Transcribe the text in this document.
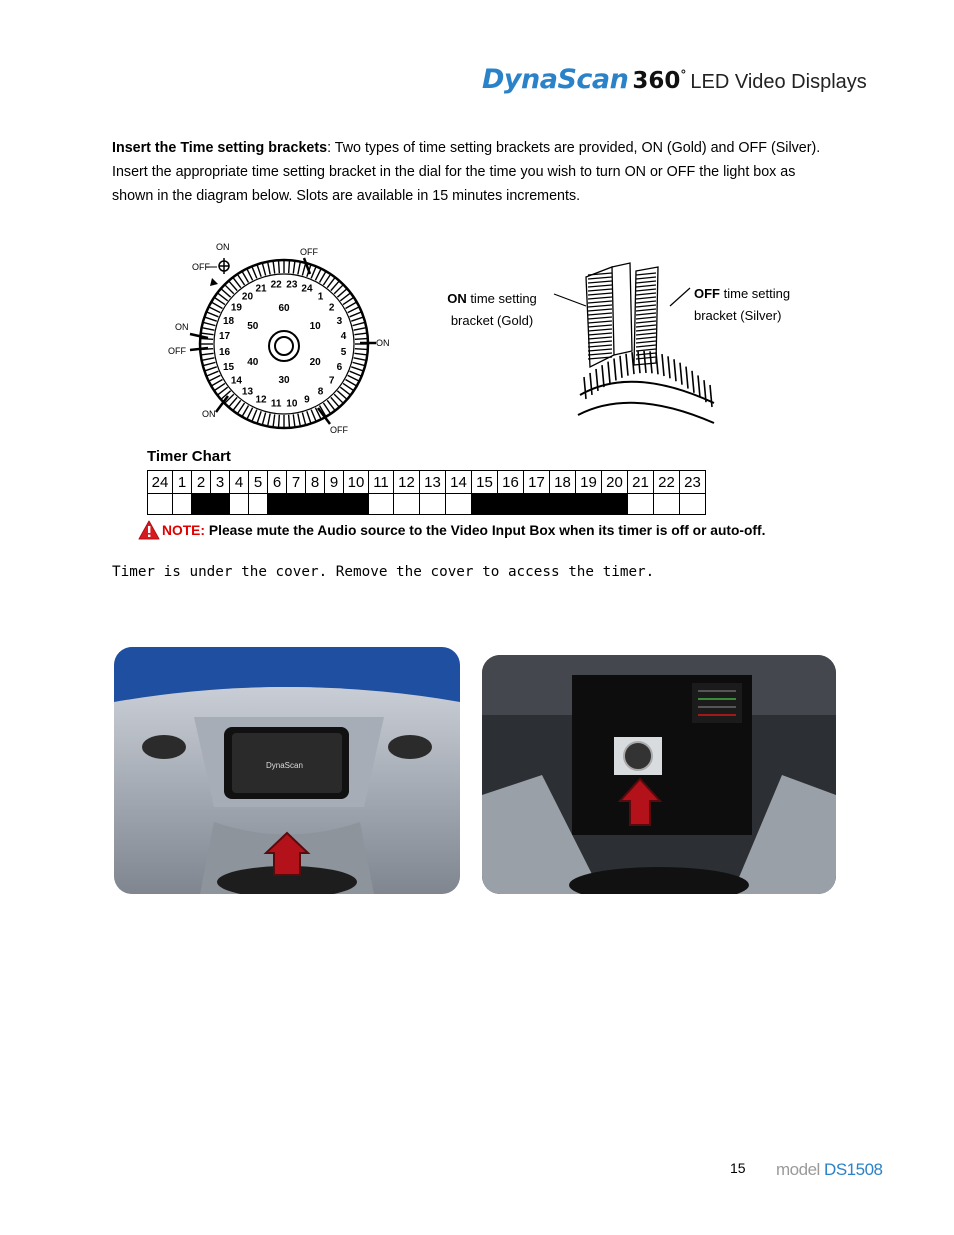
DynaScan 360° LED Video Displays
Insert the Time setting brackets: Two types of time setting brackets are provided, ON (Gold) and OFF (Silver). Insert the appropriate time setting bracket in the dial for the time you wish to turn ON or OFF the light box as shown in the diagram below. Slots are available in 15 minutes increments.
23
22
21
20
19
18
17
16
15
14
13
12 11 10 9
8
7
6
5
4
3
2
1
24
60
10
20
30
40
50
ON
OFF
OFF
ON
OFF
ON
ON
OFF
ON time setting
bracket (Gold)
OFF time setting
bracket (Silver)
Timer Chart
24	1	2	3	4	5	6	7	8	9	10	11	12	13	14	15	16	17	18	19	20	21	22	23

NOTE: Please mute the Audio source to the Video Input Box when its timer is off or auto-off.
Timer is under the cover. Remove the cover to access the timer.
DynaScan
15 model DS1508
